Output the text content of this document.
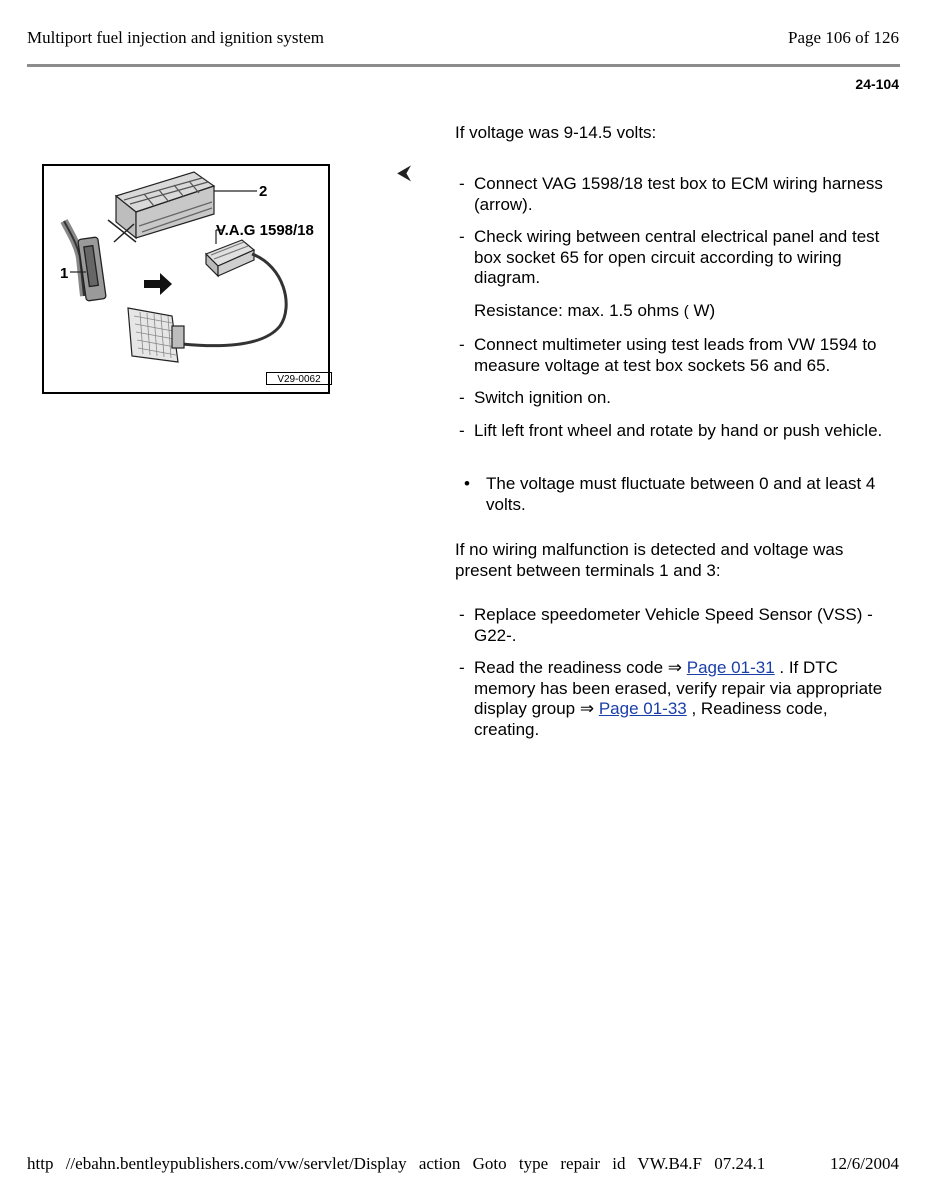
Multiport fuel injection and ignition system	Page 106 of 126
24-104
2
V.A.G 1598/18
1
V29-0062
⮜
If voltage was 9-14.5 volts:
- Connect VAG 1598/18 test box to ECM wiring harness (arrow).
- Check wiring between central electrical panel and test box socket 65 for open circuit according to wiring diagram.
Resistance: max. 1.5 ohms ( W)
- Connect multimeter using test leads from VW 1594 to measure voltage at test box sockets 56 and 65.
- Switch ignition on.
- Lift left front wheel and rotate by hand or push vehicle.
• The voltage must fluctuate between 0 and at least 4 volts.
If no wiring malfunction is detected and voltage was present between terminals 1 and 3:
- Replace speedometer Vehicle Speed Sensor (VSS) -G22-.
- Read the readiness code ⇒ Page 01-31 . If DTC memory has been erased, verify repair via appropriate display group ⇒ Page 01-33 , Readiness code, creating.
http //ebahn.bentleypublishers.com/vw/servlet/Display action Goto type repair id VW.B4.F 07.24.1	12/6/2004
